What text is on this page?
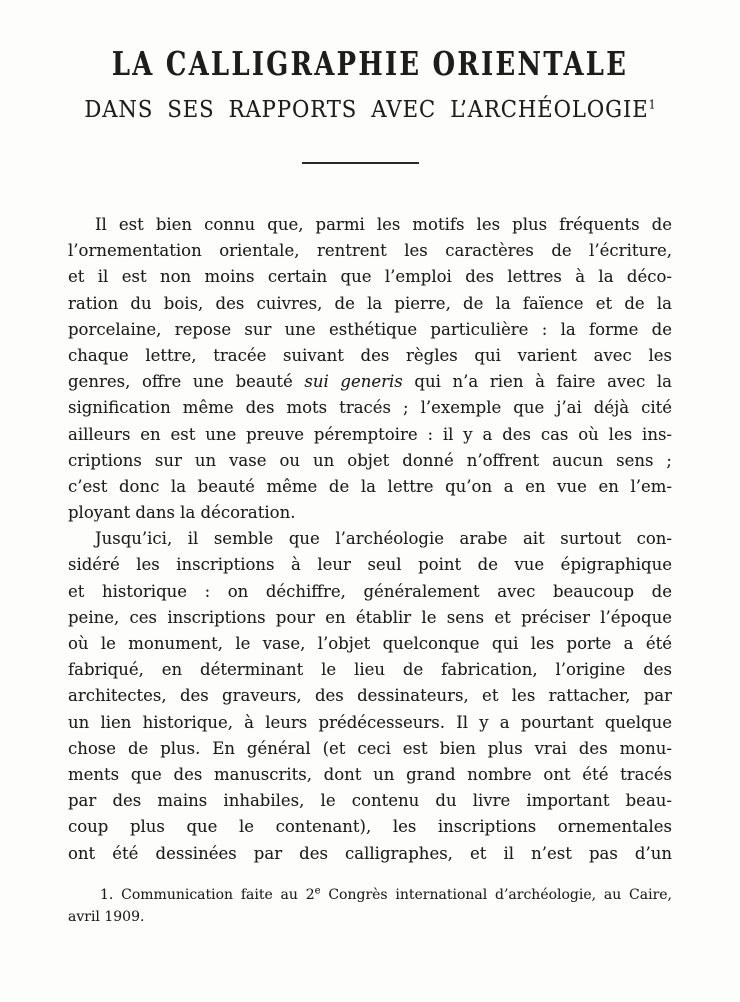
LA CALLIGRAPHIE ORIENTALE
DANS SES RAPPORTS AVEC L’ARCHÉOLOGIE$^1$
Il est bien connu que, parmi les motifs les plus fréquents de
l’ornementation orientale, rentrent les caractères de l’écriture,
et il est non moins certain que l’emploi des lettres à la déco-
ration du bois, des cuivres, de la pierre, de la faïence et de la
porcelaine, repose sur une esthétique particulière : la forme de
chaque lettre, tracée suivant des règles qui varient avec les
genres, offre une beauté sui generis qui n’a rien à faire avec la
signification même des mots tracés ; l’exemple que j’ai déjà cité
ailleurs en est une preuve péremptoire : il y a des cas où les ins-
criptions sur un vase ou un objet donné n’offrent aucun sens ;
c’est donc la beauté même de la lettre qu’on a en vue en l’em-
ployant dans la décoration.
Jusqu’ici, il semble que l’archéologie arabe ait surtout con-
sidéré les inscriptions à leur seul point de vue épigraphique
et historique : on déchiffre, généralement avec beaucoup de
peine, ces inscriptions pour en établir le sens et préciser l’époque
où le monument, le vase, l’objet quelconque qui les porte a été
fabriqué, en déterminant le lieu de fabrication, l’origine des
architectes, des graveurs, des dessinateurs, et les rattacher, par
un lien historique, à leurs prédécesseurs. Il y a pourtant quelque
chose de plus. En général (et ceci est bien plus vrai des monu-
ments que des manuscrits, dont un grand nombre ont été tracés
par des mains inhabiles, le contenu du livre important beau-
coup plus que le contenant), les inscriptions ornementales
ont été dessinées par des calligraphes, et il n’est pas d’un
1. Communication faite au 2e Congrès international d’archéologie, au Caire,
avril 1909.
